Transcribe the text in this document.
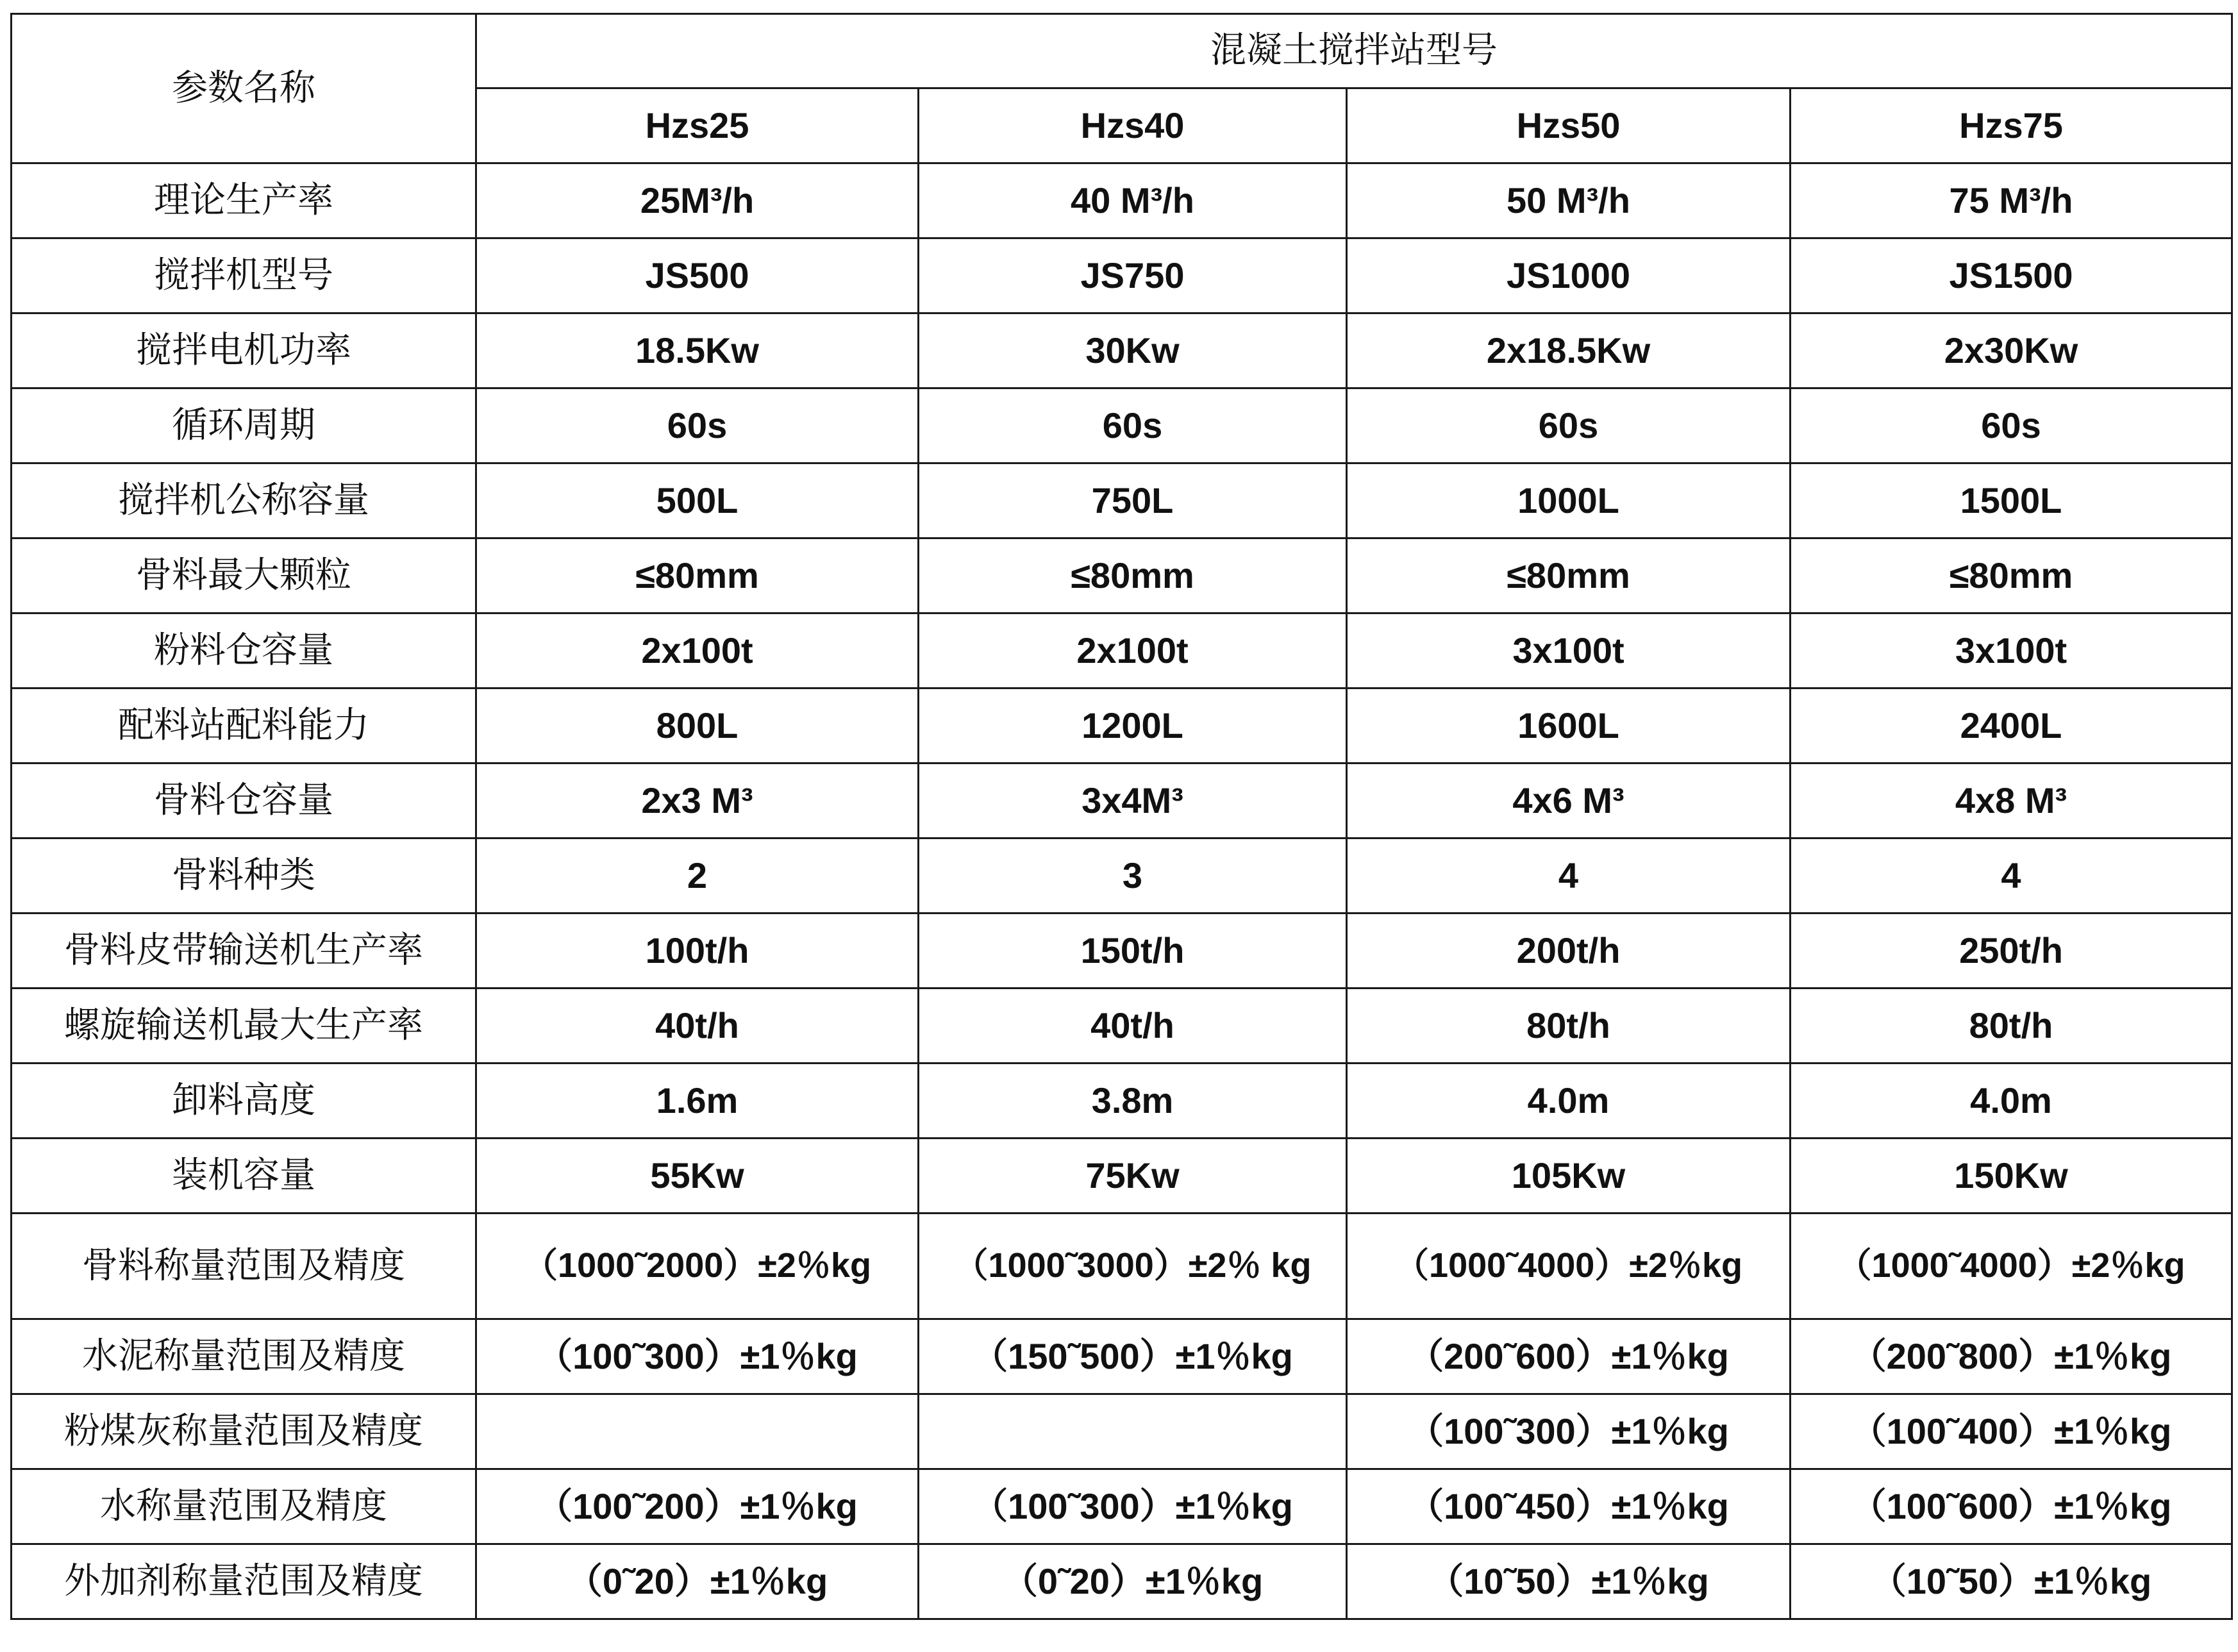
参数名称	混凝土搅拌站型号			
	Hzs25	Hzs40	Hzs50	Hzs75
理论生产率	25M³/h	40 M³/h	50 M³/h	75 M³/h
搅拌机型号	JS500	JS750	JS1000	JS1500
搅拌电机功率	18.5Kw	30Kw	2x18.5Kw	2x30Kw
循环周期	60s	60s	60s	60s
搅拌机公称容量	500L	750L	1000L	1500L
骨料最大颗粒	≤80mm	≤80mm	≤80mm	≤80mm
粉料仓容量	2x100t	2x100t	3x100t	3x100t
配料站配料能力	800L	1200L	1600L	2400L
骨料仓容量	2x3 M³	3x4M³	4x6 M³	4x8 M³
骨料种类	2	3	4	4
骨料皮带输送机生产率	100t/h	150t/h	200t/h	250t/h
螺旋输送机最大生产率	40t/h	40t/h	80t/h	80t/h
卸料高度	1.6m	3.8m	4.0m	4.0m
装机容量	55Kw	75Kw	105Kw	150Kw
骨料称量范围及精度	（1000˜2000）±2％kg	（1000˜3000）±2％ kg	（1000˜4000）±2％kg	（1000˜4000）±2％kg
水泥称量范围及精度	（100˜300）±1％kg	（150˜500）±1％kg	（200˜600）±1％kg	（200˜800）±1％kg
粉煤灰称量范围及精度			（100˜300）±1％kg	（100˜400）±1％kg
水称量范围及精度	（100˜200）±1％kg	（100˜300）±1％kg	（100˜450）±1％kg	（100˜600）±1％kg
外加剂称量范围及精度	（0˜20）±1％kg	（0˜20）±1％kg	（10˜50）±1％kg	（10˜50）±1％kg
